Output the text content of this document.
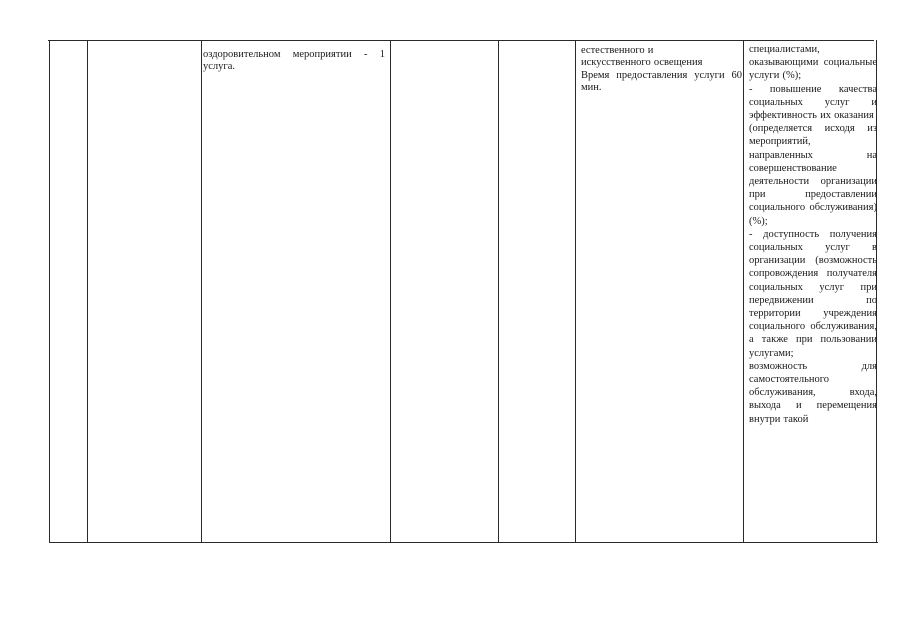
оздоровительном мероприятии - 1 услуга.
естественного и
искусственного освещения
Время предоставления услуги 60 мин.
специалистами, оказывающими социальные услуги (%);
- повышение качества социальных услуг и эффективность их оказания
(определяется исходя из мероприятий, направленных на совершенствование деятельности организации при предоставлении социального обслуживания) (%);
- доступность получения социальных услуг в организации (возможность сопровождения получателя социальных услуг при передвижении по территории учреждения социального обслуживания, а также при пользовании услугами;
возможность для самостоятельного обслуживания, входа, выхода и перемещения внутри такой
